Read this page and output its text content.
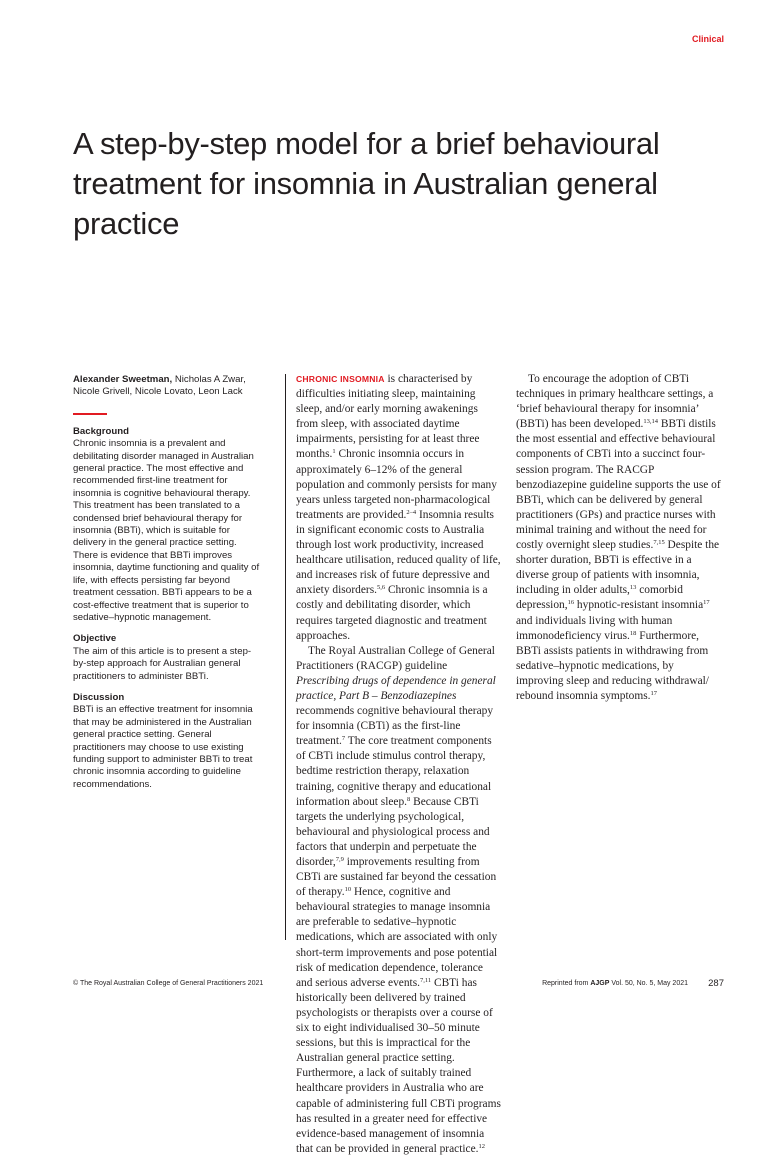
Clinical
A step-by-step model for a brief behavioural treatment for insomnia in Australian general practice
Alexander Sweetman, Nicholas A Zwar, Nicole Grivell, Nicole Lovato, Leon Lack
Background
Chronic insomnia is a prevalent and debilitating disorder managed in Australian general practice. The most effective and recommended first-line treatment for insomnia is cognitive behavioural therapy. This treatment has been translated to a condensed brief behavioural therapy for insomnia (BBTi), which is suitable for delivery in the general practice setting. There is evidence that BBTi improves insomnia, daytime functioning and quality of life, with effects persisting far beyond treatment cessation. BBTi appears to be a cost-effective treatment that is superior to sedative–hypnotic management.
Objective
The aim of this article is to present a step-by-step approach for Australian general practitioners to administer BBTi.
Discussion
BBTi is an effective treatment for insomnia that may be administered in the Australian general practice setting. General practitioners may choose to use existing funding support to administer BBTi to treat chronic insomnia according to guideline recommendations.

CHRONIC INSOMNIA is characterised by difficulties initiating sleep, maintaining sleep, and/or early morning awakenings from sleep, with associated daytime impairments, persisting for at least three months.$^1$ Chronic insomnia occurs in approximately 6–12% of the general population and commonly persists for many years unless targeted non-pharmacological treatments are provided.$^{2-4}$ Insomnia results in significant economic costs to Australia through lost work productivity, increased healthcare utilisation, reduced quality of life, and increases risk of future depressive and anxiety disorders.$^{5,6}$ Chronic insomnia is a costly and debilitating disorder, which requires targeted diagnostic and treatment approaches.

The Royal Australian College of General Practitioners (RACGP) guideline Prescribing drugs of dependence in general practice, Part B – Benzodiazepines recommends cognitive behavioural therapy for insomnia (CBTi) as the first-line treatment.$^7$ The core treatment components of CBTi include stimulus control therapy, bedtime restriction therapy, relaxation training, cognitive therapy and educational information about sleep.$^8$ Because CBTi targets the underlying psychological, behavioural and physiological process and factors that underpin and perpetuate the disorder,$^{7,9}$ improvements resulting from CBTi are sustained far beyond the cessation of therapy.$^{10}$ Hence, cognitive and behavioural strategies to manage insomnia are preferable to sedative–hypnotic medications, which are associated with only short-term improvements and pose potential risk of medication dependence, tolerance and serious adverse events.$^{7,11}$ CBTi has historically been delivered by trained psychologists or therapists over a course of six to eight individualised 30–50 minute sessions, but this is impractical for the Australian general practice setting. Furthermore, a lack of suitably trained healthcare providers in Australia who are capable of administering full CBTi programs has resulted in a greater need for effective evidence-based management of insomnia that can be provided in general practice.$^{12}$

To encourage the adoption of CBTi techniques in primary healthcare settings, a ‘brief behavioural therapy for insomnia’ (BBTi) has been developed.$^{13,14}$ BBTi distils the most essential and effective behavioural components of CBTi into a succinct four-session program. The RACGP benzodiazepine guideline supports the use of BBTi, which can be delivered by general practitioners (GPs) and practice nurses with minimal training and without the need for costly overnight sleep studies.$^{7,15}$ Despite the shorter duration, BBTi is effective in a diverse group of patients with insomnia, including in older adults,$^{13}$ comorbid depression,$^{16}$ hypnotic-resistant insomnia$^{17}$ and individuals living with human immonodeficiency virus.$^{18}$ Furthermore, BBTi assists patients in withdrawing from sedative–hypnotic medications, by improving sleep and reducing withdrawal/ rebound insomnia symptoms.$^{17}$

© The Royal Australian College of General Practitioners 2021	Reprinted from AJGP Vol. 50, No. 5, May 2021	287
